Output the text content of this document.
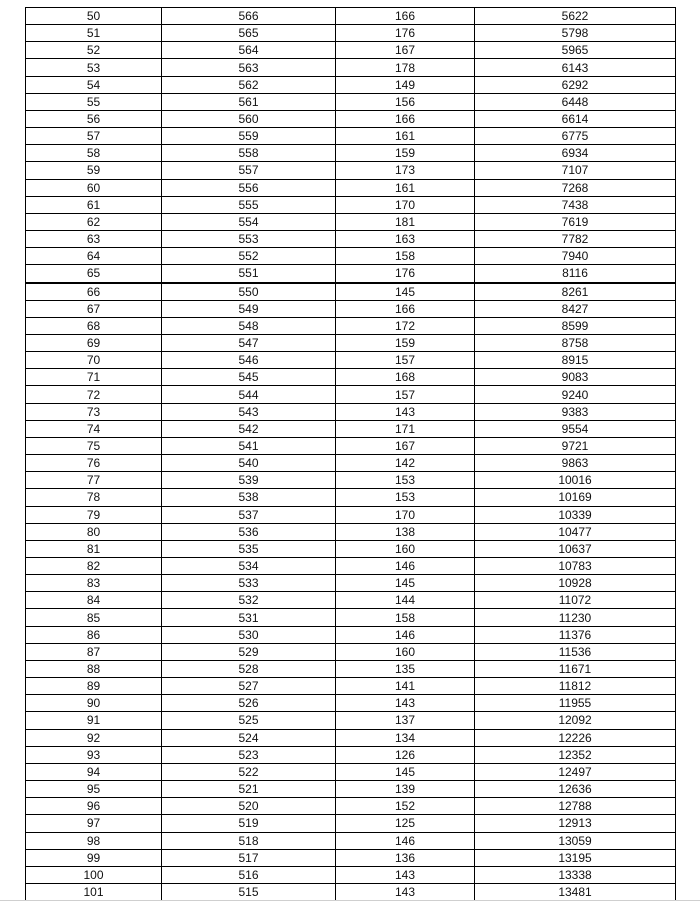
50	566	166	5622
51	565	176	5798
52	564	167	5965
53	563	178	6143
54	562	149	6292
55	561	156	6448
56	560	166	6614
57	559	161	6775
58	558	159	6934
59	557	173	7107
60	556	161	7268
61	555	170	7438
62	554	181	7619
63	553	163	7782
64	552	158	7940
65	551	176	8116
66	550	145	8261
67	549	166	8427
68	548	172	8599
69	547	159	8758
70	546	157	8915
71	545	168	9083
72	544	157	9240
73	543	143	9383
74	542	171	9554
75	541	167	9721
76	540	142	9863
77	539	153	10016
78	538	153	10169
79	537	170	10339
80	536	138	10477
81	535	160	10637
82	534	146	10783
83	533	145	10928
84	532	144	11072
85	531	158	11230
86	530	146	11376
87	529	160	11536
88	528	135	11671
89	527	141	11812
90	526	143	11955
91	525	137	12092
92	524	134	12226
93	523	126	12352
94	522	145	12497
95	521	139	12636
96	520	152	12788
97	519	125	12913
98	518	146	13059
99	517	136	13195
100	516	143	13338
101	515	143	13481
